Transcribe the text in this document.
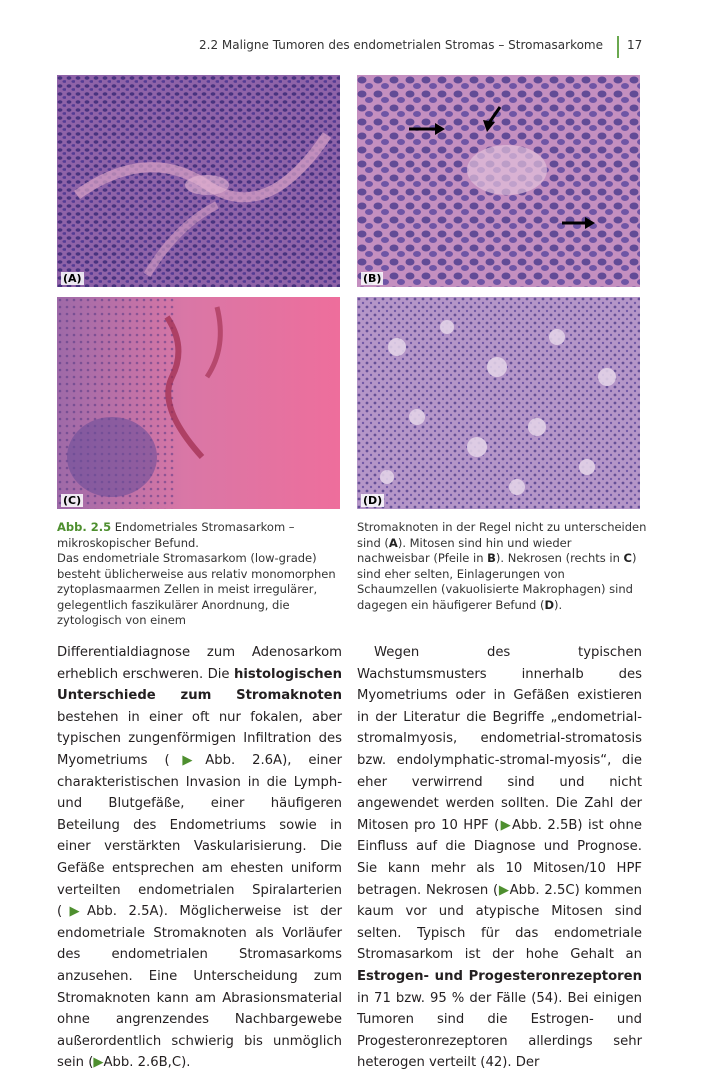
2.2 Maligne Tumoren des endometrialen Stromas – Stromasarkome 17
(A)	(B)
(C)	(D)
Abb. 2.5 Endometriales Stromasarkom – mikroskopischer Befund.
Das endometriale Stromasarkom (low-grade) besteht üblicherweise aus relativ monomorphen zytoplasmaarmen Zellen in meist irregulärer, gelegentlich faszikulärer Anordnung, die zytologisch von einem
Stromaknoten in der Regel nicht zu unterscheiden sind (A). Mitosen sind hin und wieder nachweisbar (Pfeile in B). Nekrosen (rechts in C) sind eher selten, Einlagerungen von Schaumzellen (vakuolisierte Makrophagen) sind dagegen ein häufigerer Befund (D).
Differentialdiagnose zum Adenosarkom erheblich erschweren. Die histologischen Unterschiede zum Stromaknoten bestehen in einer oft nur fokalen, aber typischen zungenförmigen Infiltration des Myometriums (▶Abb. 2.6A), einer charakteristischen Invasion in die Lymph- und Blutgefäße, einer häufigeren Beteilung des Endometriums sowie in einer verstärkten Vaskularisierung. Die Gefäße entsprechen am ehesten uniform verteilten endometrialen Spiralarterien (▶Abb. 2.5A). Möglicherweise ist der endometriale Stromaknoten als Vorläufer des endometrialen Stromasarkoms anzusehen. Eine Unterscheidung zum Stromaknoten kann am Abrasionsmaterial ohne angrenzendes Nachbargewebe außerordentlich schwierig bis unmöglich sein (▶Abb. 2.6B,C).
Wegen des typischen Wachstumsmusters innerhalb des Myometriums oder in Gefäßen existieren in der Literatur die Begriffe „endometrial-stromalmyosis, endometrial-stromatosis bzw. endolymphatic-stromal-myosis“, die eher verwirrend sind und nicht angewendet werden sollten. Die Zahl der Mitosen pro 10 HPF (▶Abb. 2.5B) ist ohne Einfluss auf die Diagnose und Prognose. Sie kann mehr als 10 Mitosen/10 HPF betragen. Nekrosen (▶Abb. 2.5C) kommen kaum vor und atypische Mitosen sind selten. Typisch für das endometriale Stromasarkom ist der hohe Gehalt an Estrogen- und Progesteronrezeptoren in 71 bzw. 95 % der Fälle (54). Bei einigen Tumoren sind die Estrogen- und Progesteronrezeptoren allerdings sehr heterogen verteilt (42). Der
